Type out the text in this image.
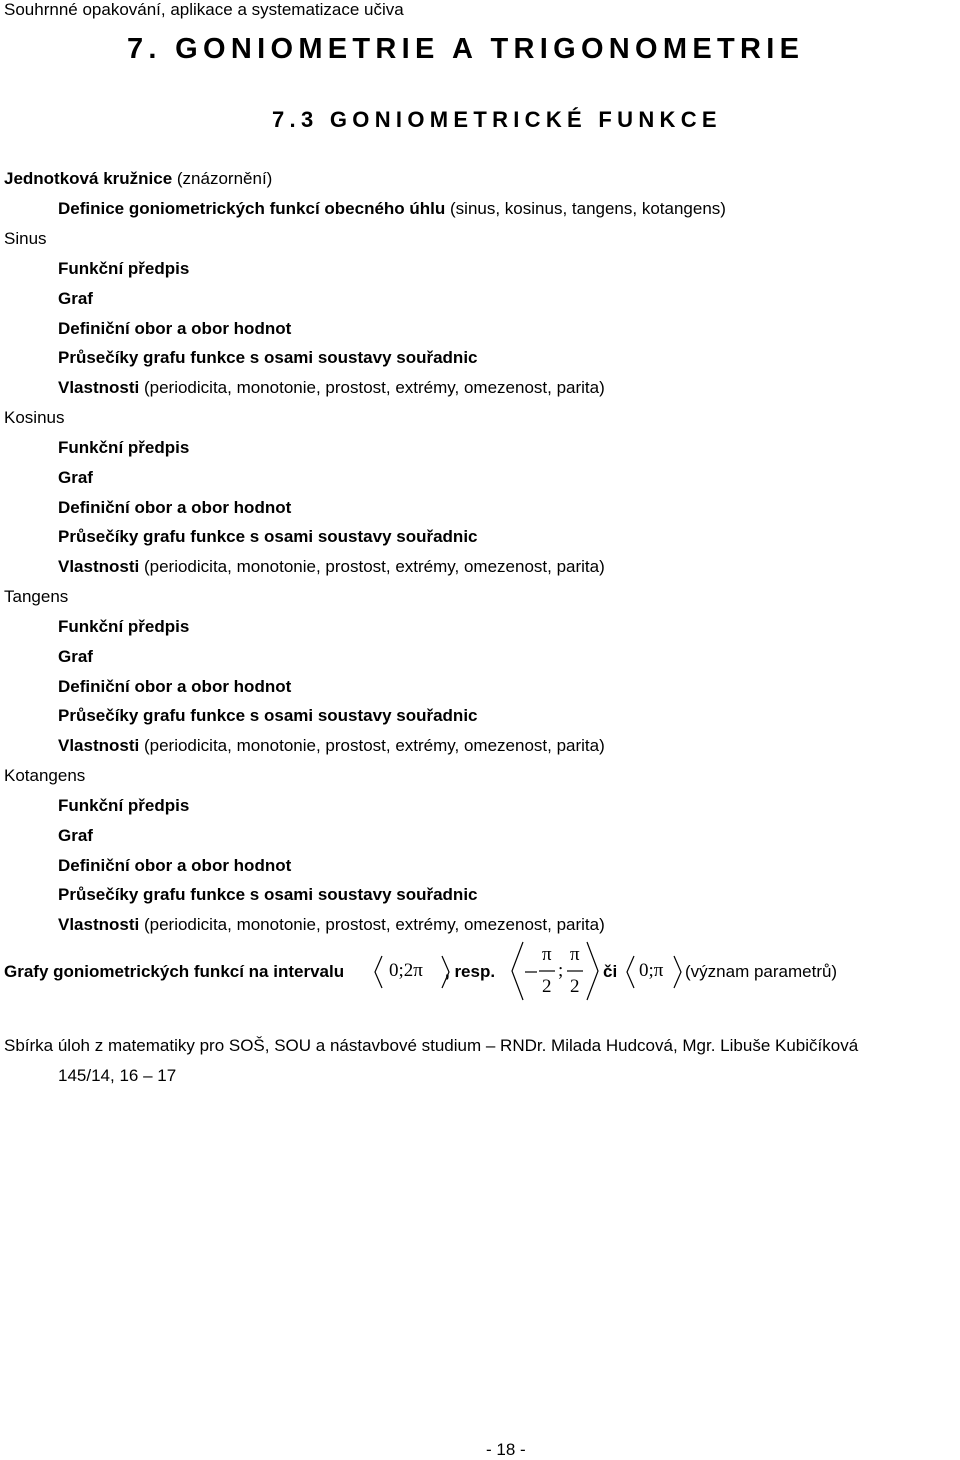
Souhrnné opakování, aplikace a systematizace učiva
7. GONIOMETRIE A TRIGONOMETRIE
7.3 GONIOMETRICKÉ FUNKCE
Jednotková kružnice (znázornění)
Definice goniometrických funkcí obecného úhlu (sinus, kosinus, tangens, kotangens)
Sinus
Funkční předpis
Graf
Definiční obor a obor hodnot
Průsečíky grafu funkce s osami soustavy souřadnic
Vlastnosti (periodicita, monotonie, prostost, extrémy, omezenost, parita)
Kosinus
Funkční předpis
Graf
Definiční obor a obor hodnot
Průsečíky grafu funkce s osami soustavy souřadnic
Vlastnosti (periodicita, monotonie, prostost, extrémy, omezenost, parita)
Tangens
Funkční předpis
Graf
Definiční obor a obor hodnot
Průsečíky grafu funkce s osami soustavy souřadnic
Vlastnosti (periodicita, monotonie, prostost, extrémy, omezenost, parita)
Kotangens
Funkční předpis
Graf
Definiční obor a obor hodnot
Průsečíky grafu funkce s osami soustavy souřadnic
Vlastnosti (periodicita, monotonie, prostost, extrémy, omezenost, parita)
Grafy goniometrických funkcí na intervalu 0;2π , resp.
π
2
;
π
2
či 0;π (význam parametrů)
Sbírka úloh z matematiky pro SOŠ, SOU a nástavbové studium – RNDr. Milada Hudcová, Mgr. Libuše Kubičíková
145/14, 16 – 17
- 18 -
